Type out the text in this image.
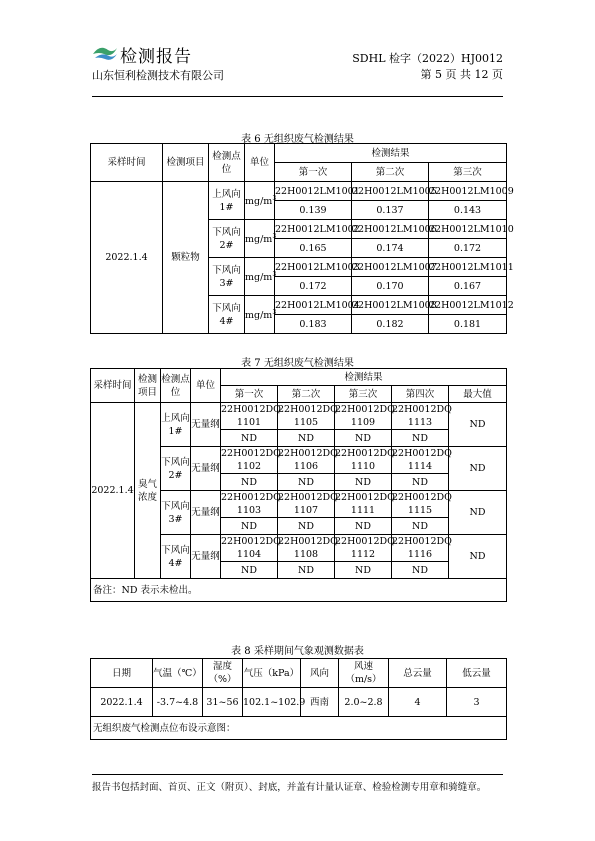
检测报告
山东恒利检测技术有限公司
SDHL 检字（2022）HJ0012
第 5 页 共 12 页
表 6 无组织废气检测结果
采样时间	检测项目	检测点位	单位	检测结果		
				第一次	第二次	第三次
2022.1.4	颗粒物	上风向1#	$mg/m^3$	22H0012LM1001	22H0012LM1005	22H0012LM1009
				0.139	0.137	0.143
		下风向2#	$mg/m^3$	22H0012LM1002	22H0012LM1006	22H0012LM1010
				0.165	0.174	0.172
		下风向3#	$mg/m^3$	22H0012LM1003	22H0012LM1007	22H0012LM1011
				0.172	0.170	0.167
		下风向4#	$mg/m^3$	22H0012LM1004	22H0012LM1008	22H0012LM1012
				0.183	0.182	0.181
表 7 无组织废气检测结果
采样时间	检测项目	检测点位	单位	检测结果				
				第一次	第二次	第三次	第四次	最大值
2022.1.4	臭气浓度	上风向 1#	无量纲	22H0012DQ 1101	22H0012DQ 1105	22H0012DQ 1109	22H0012DQ 1113	ND
				ND	ND	ND	ND	
		下风向 2#	无量纲	22H0012DQ 1102	22H0012DQ 1106	22H0012DQ 1110	22H0012DQ 1114	ND
				ND	ND	ND	ND	
		下风向 3#	无量纲	22H0012DQ 1103	22H0012DQ 1107	22H0012DQ 1111	22H0012DQ 1115	ND
				ND	ND	ND	ND	
		下风向 4#	无量纲	22H0012DQ 1104	22H0012DQ 1108	22H0012DQ 1112	22H0012DQ 1116	ND
				ND	ND	ND	ND	
备注：ND 表示未检出。								
表 8 采样期间气象观测数据表
日期	气温（℃）	湿度（%）	气压（kPa）	风向	风速（m/s）	总云量	低云量
2022.1.4	-3.7~4.8	31~56	102.1~102.9	西南	2.0~2.8	4	3
无组织废气检测点位布设示意图：							
报告书包括封面、首页、正文（附页）、封底，并盖有计量认证章、检验检测专用章和骑缝章。
